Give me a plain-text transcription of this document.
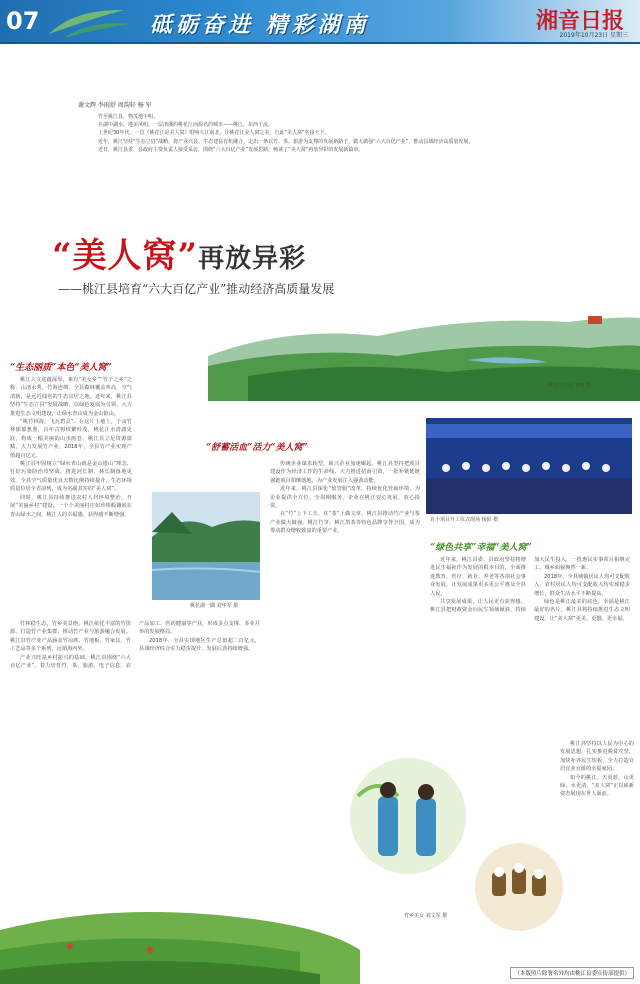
07	砥砺奋进 精彩湖南	湘音日报
2019年10月23日 星期三
谢文辉 李雨舒 周韵轩 杨 军

竹至桃江县，物茂地丰明。

在湖中湖水、地美风明，一层清溪的桃花江而源名的城市——桃江，东西千流。

上世纪30年代，一首《桃花江是美人窝》唱响大江南北，让桃花江美人窝之美，自此“美人窝”名扬天下。

近年，桃江坚持“生态立县”战略，将产业兴县、生态建县有机融合，走出一条以竹、茶、旅游为支撑的发展新路子，做大做强“六大百亿产业”，推动县域经济高质量发展。

近日，桃江县委、县政府主要负责人接受采访，围绕“六大百亿产业”发展思路，畅谈了“美人窝”再放异彩的发展新篇章。

“美人窝”再放异彩
——桃江县培育“六大百亿产业”推动经济高质量发展
桃花江风光 李凯 摄
“生态丽质”本色“美人窝”

桃江人文底蕴深厚，素有“美女乡”“竹子之乡”之称，山清水秀，竹海连绵。全县森林覆盖率高，空气清新，是远近闻名的生态宜居之地。近年来，桃江县坚持“生态立县”发展战略，以绿色发展为引领，大力推进生态文明建设，让绿水青山成为金山银山。

“桃竹林海，飞瓦碧灵”。在这片土地上，千亩竹林郁郁葱葱，百年古树枝繁叶茂，桃花江水清澈见底，构成一幅美丽的山水画卷。桃江县立足资源禀赋，大力发展竹产业，2018年，全县竹产业实现产值超百亿元。

桃江县牢固树立“绿水青山就是金山银山”理念，打好污染防治攻坚战，推进河长制、林长制落地见效，全县空气质量优良天数比例持续提升，生态环境质量位居全省前列，成为名副其实的“美人窝”。

同时，桃江县持续推进农村人居环境整治，开展“美丽乡村”建设，一个个美丽村庄如珍珠般镶嵌在青山绿水之间，桃江人的幸福感、获得感不断增强。

桃花湖一隅 刘华军 摄
“舒蓄活血”活力“美人窝”

竹林稳生态，竹乡美景绝。桃江依托丰富的竹资源，打造竹产业集群，推动竹产业与旅游融合发展。桃江县竹产业产品涵盖竹凉席、竹地板、竹家具、竹工艺品等多个系列，远销海内外。

产业兴旺是乡村振兴的基础。桃江县围绕“六大百亿产业”，着力培育竹、茶、旅游、电子信息、农产品加工、医药健康等产业，形成多点支撑、多业并举的发展格局。

2018年，全县实现地区生产总值超二百亿元，县域经济综合实力稳步提升，发展后劲持续增强。

传统企业谋求转型，新兴企业加速崛起。桃江县坚持把项目建设作为经济工作的生命线，大力推进招商引资，一批补链延链强链项目相继落地，为产业发展注入强劲动能。

近年来，桃江县深化“放管服”改革，持续优化营商环境，为企业提供全方位、全周期服务，企业在桃江安心发展、放心投资。

在“竹”上下工夫、在“茶”上做文章。桃江县推动竹产业与茶产业做大做强，桃江竹笋、桃江黑茶等特色品牌享誉全国，成为带动群众增收致富的重要产业。

百十项目开工仪式现场 杨阳 摄
“绿色共享”幸福“美人窝”

近年来，桃江县委、县政府坚持将增进民生福祉作为发展的根本目的，全面推进教育、医疗、就业、养老等各项社会事业发展，让发展成果更多更公平惠及全县人民。

共享发展成果，让人民更有获得感。桃江县把财政资金向民生领域倾斜，持续加大民生投入，一批惠民实事项目相继完工，城乡面貌焕然一新。

2018年，全县城镇居民人均可支配收入、农村居民人均可支配收入均实现稳步增长，群众生活水平不断提高。

绿色是桃江最美的底色，幸福是桃江最好的名片。桃江县将持续推进生态文明建设，让“美人窝”更美、更靓、更幸福。

桃江县坚持以人民为中心的发展思想，扎实推进脱贫攻坚，加快补齐民生短板，全力打造宜居宜业宜游的幸福家园。

如今的桃江，天更蓝、山更绿、水更清，“美人窝”正以崭新姿态展现在世人面前。

竹乡美女 刘文军 摄
（本版照片除署名外均由桃江县委宣传部提供）
